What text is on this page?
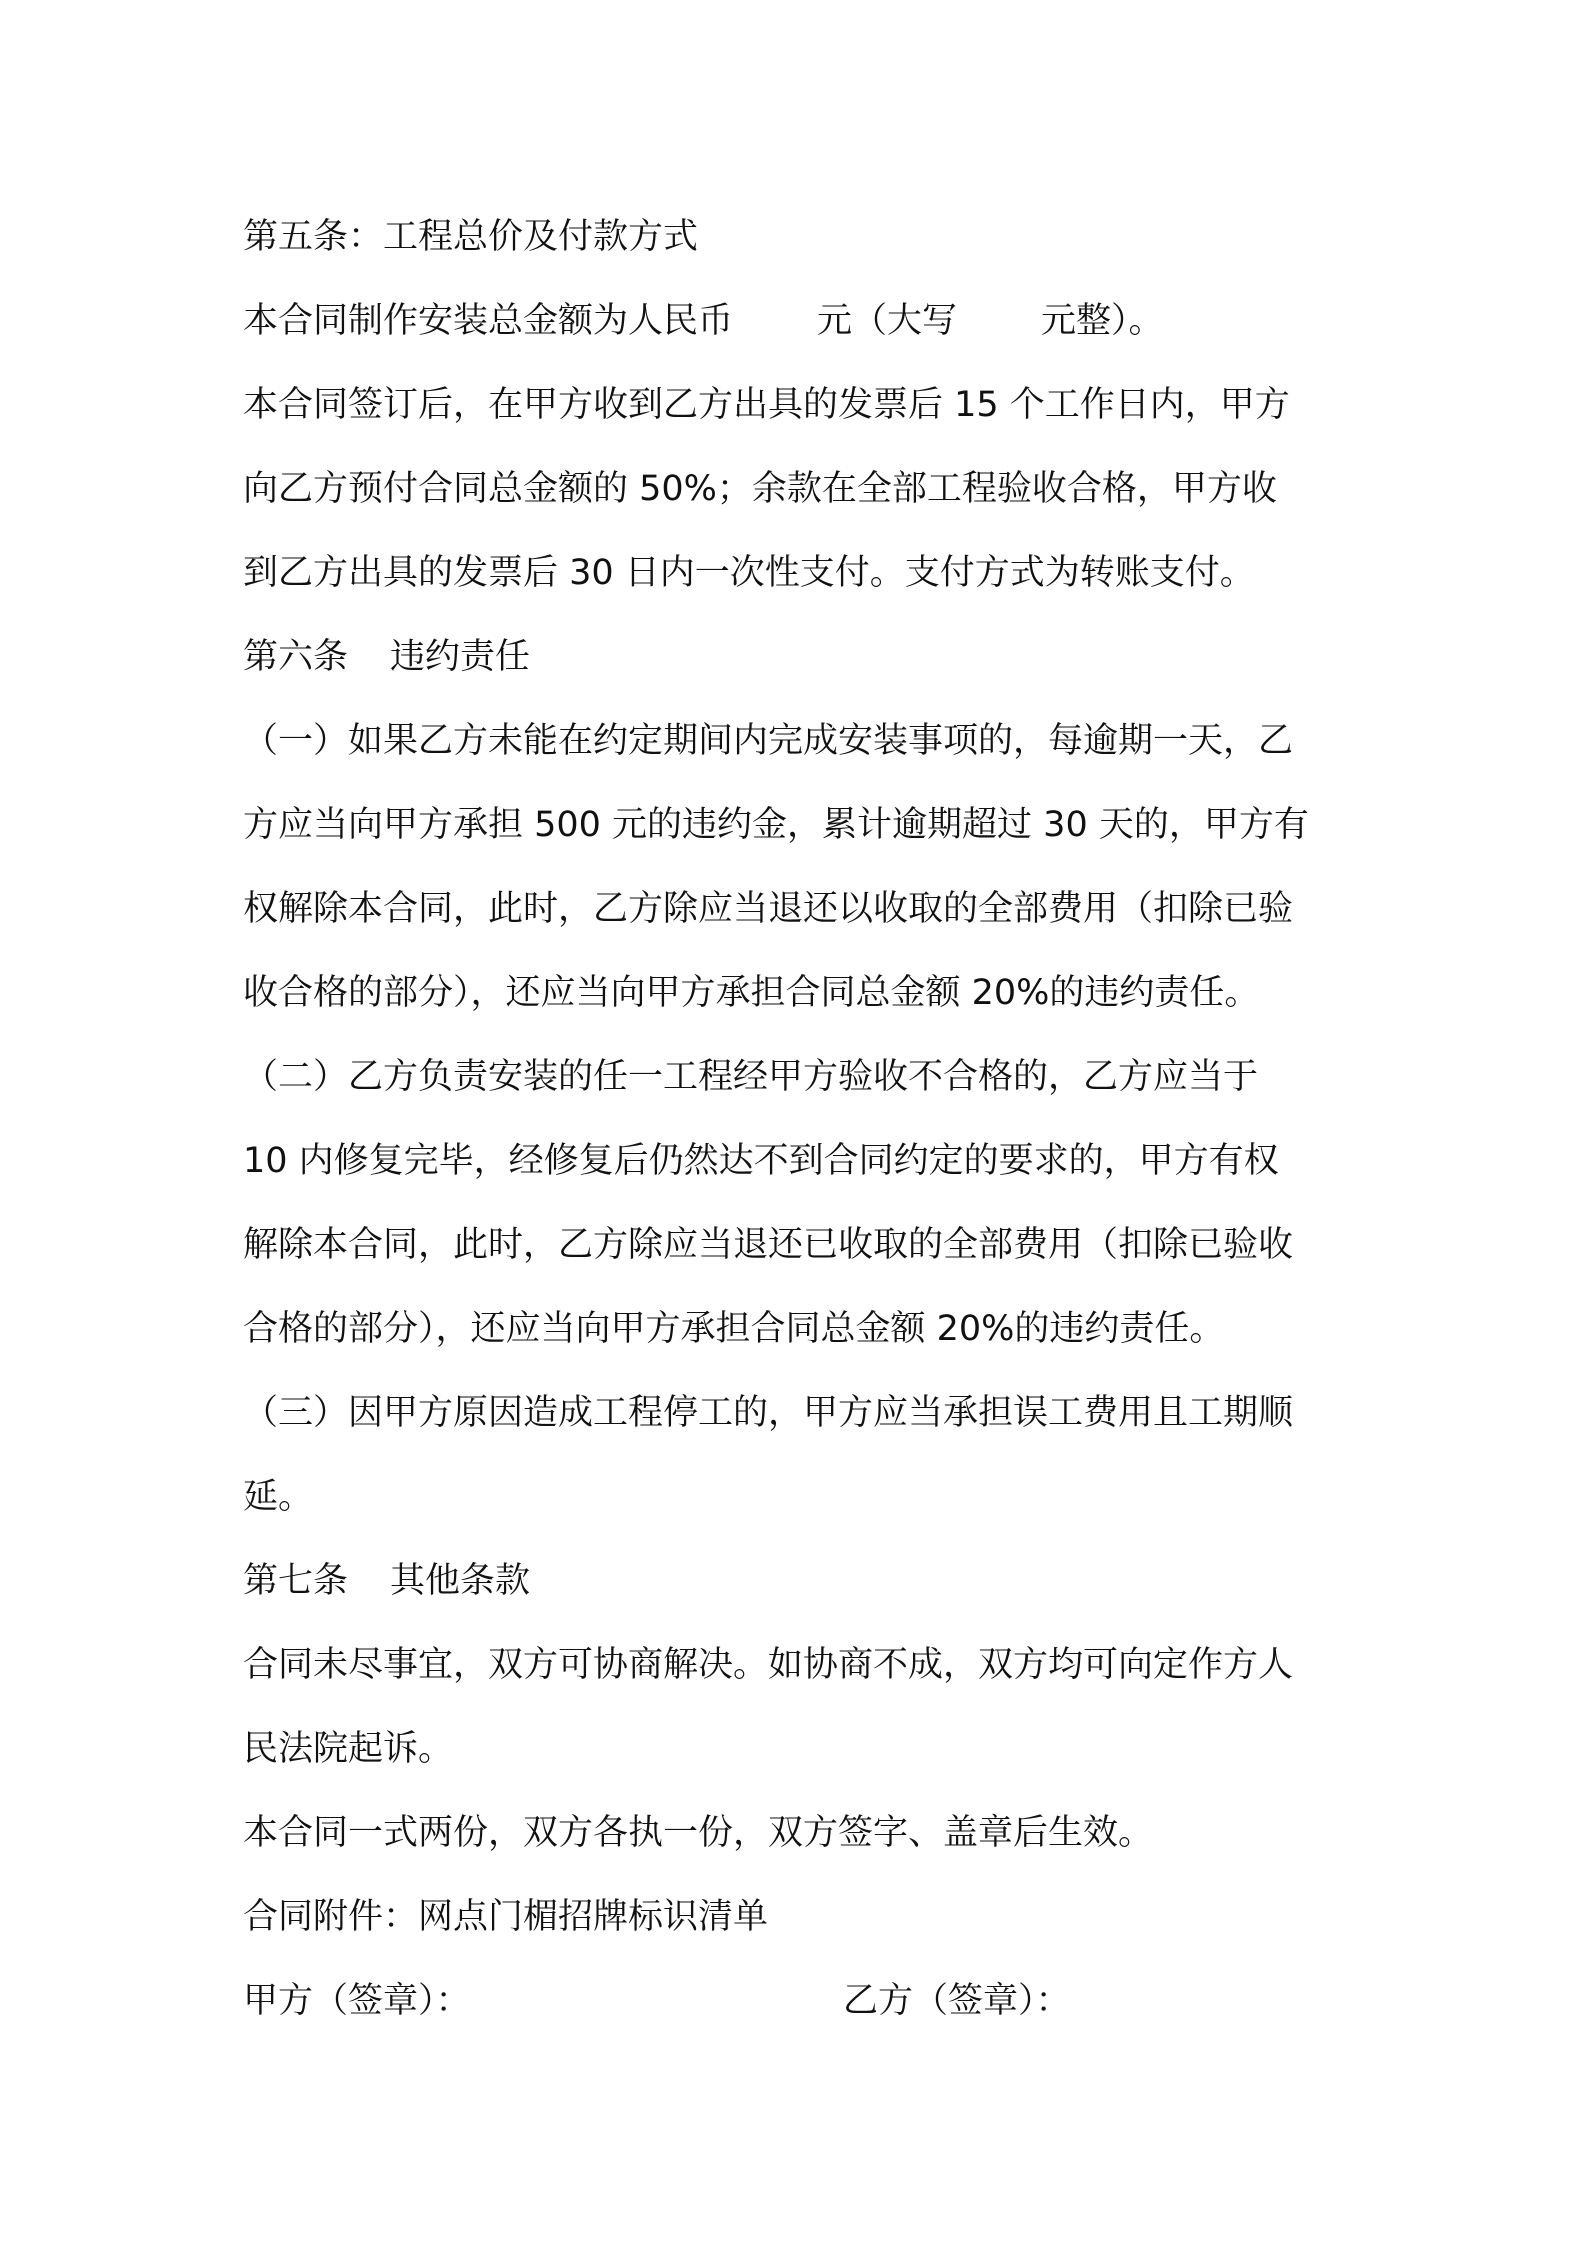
第五条：工程总价及付款方式
本合同制作安装总金额为人民币 元（大写 元整）。
本合同签订后，在甲方收到乙方出具的发票后 15 个工作日内，甲方
向乙方预付合同总金额的 50%；余款在全部工程验收合格，甲方收
到乙方出具的发票后 30 日内一次性支付。支付方式为转账支付。
第六条 违约责任
（一）如果乙方未能在约定期间内完成安装事项的，每逾期一天，乙
方应当向甲方承担 500 元的违约金，累计逾期超过 30 天的，甲方有
权解除本合同，此时，乙方除应当退还以收取的全部费用（扣除已验
收合格的部分），还应当向甲方承担合同总金额 20%的违约责任。
（二）乙方负责安装的任一工程经甲方验收不合格的，乙方应当于
10 内修复完毕，经修复后仍然达不到合同约定的要求的，甲方有权
解除本合同，此时，乙方除应当退还已收取的全部费用（扣除已验收
合格的部分），还应当向甲方承担合同总金额 20%的违约责任。
（三）因甲方原因造成工程停工的，甲方应当承担误工费用且工期顺
延。
第七条 其他条款
合同未尽事宜，双方可协商解决。如协商不成，双方均可向定作方人
民法院起诉。
本合同一式两份，双方各执一份，双方签字、盖章后生效。
合同附件：网点门楣招牌标识清单
甲方（签章）：	乙方（签章）：
